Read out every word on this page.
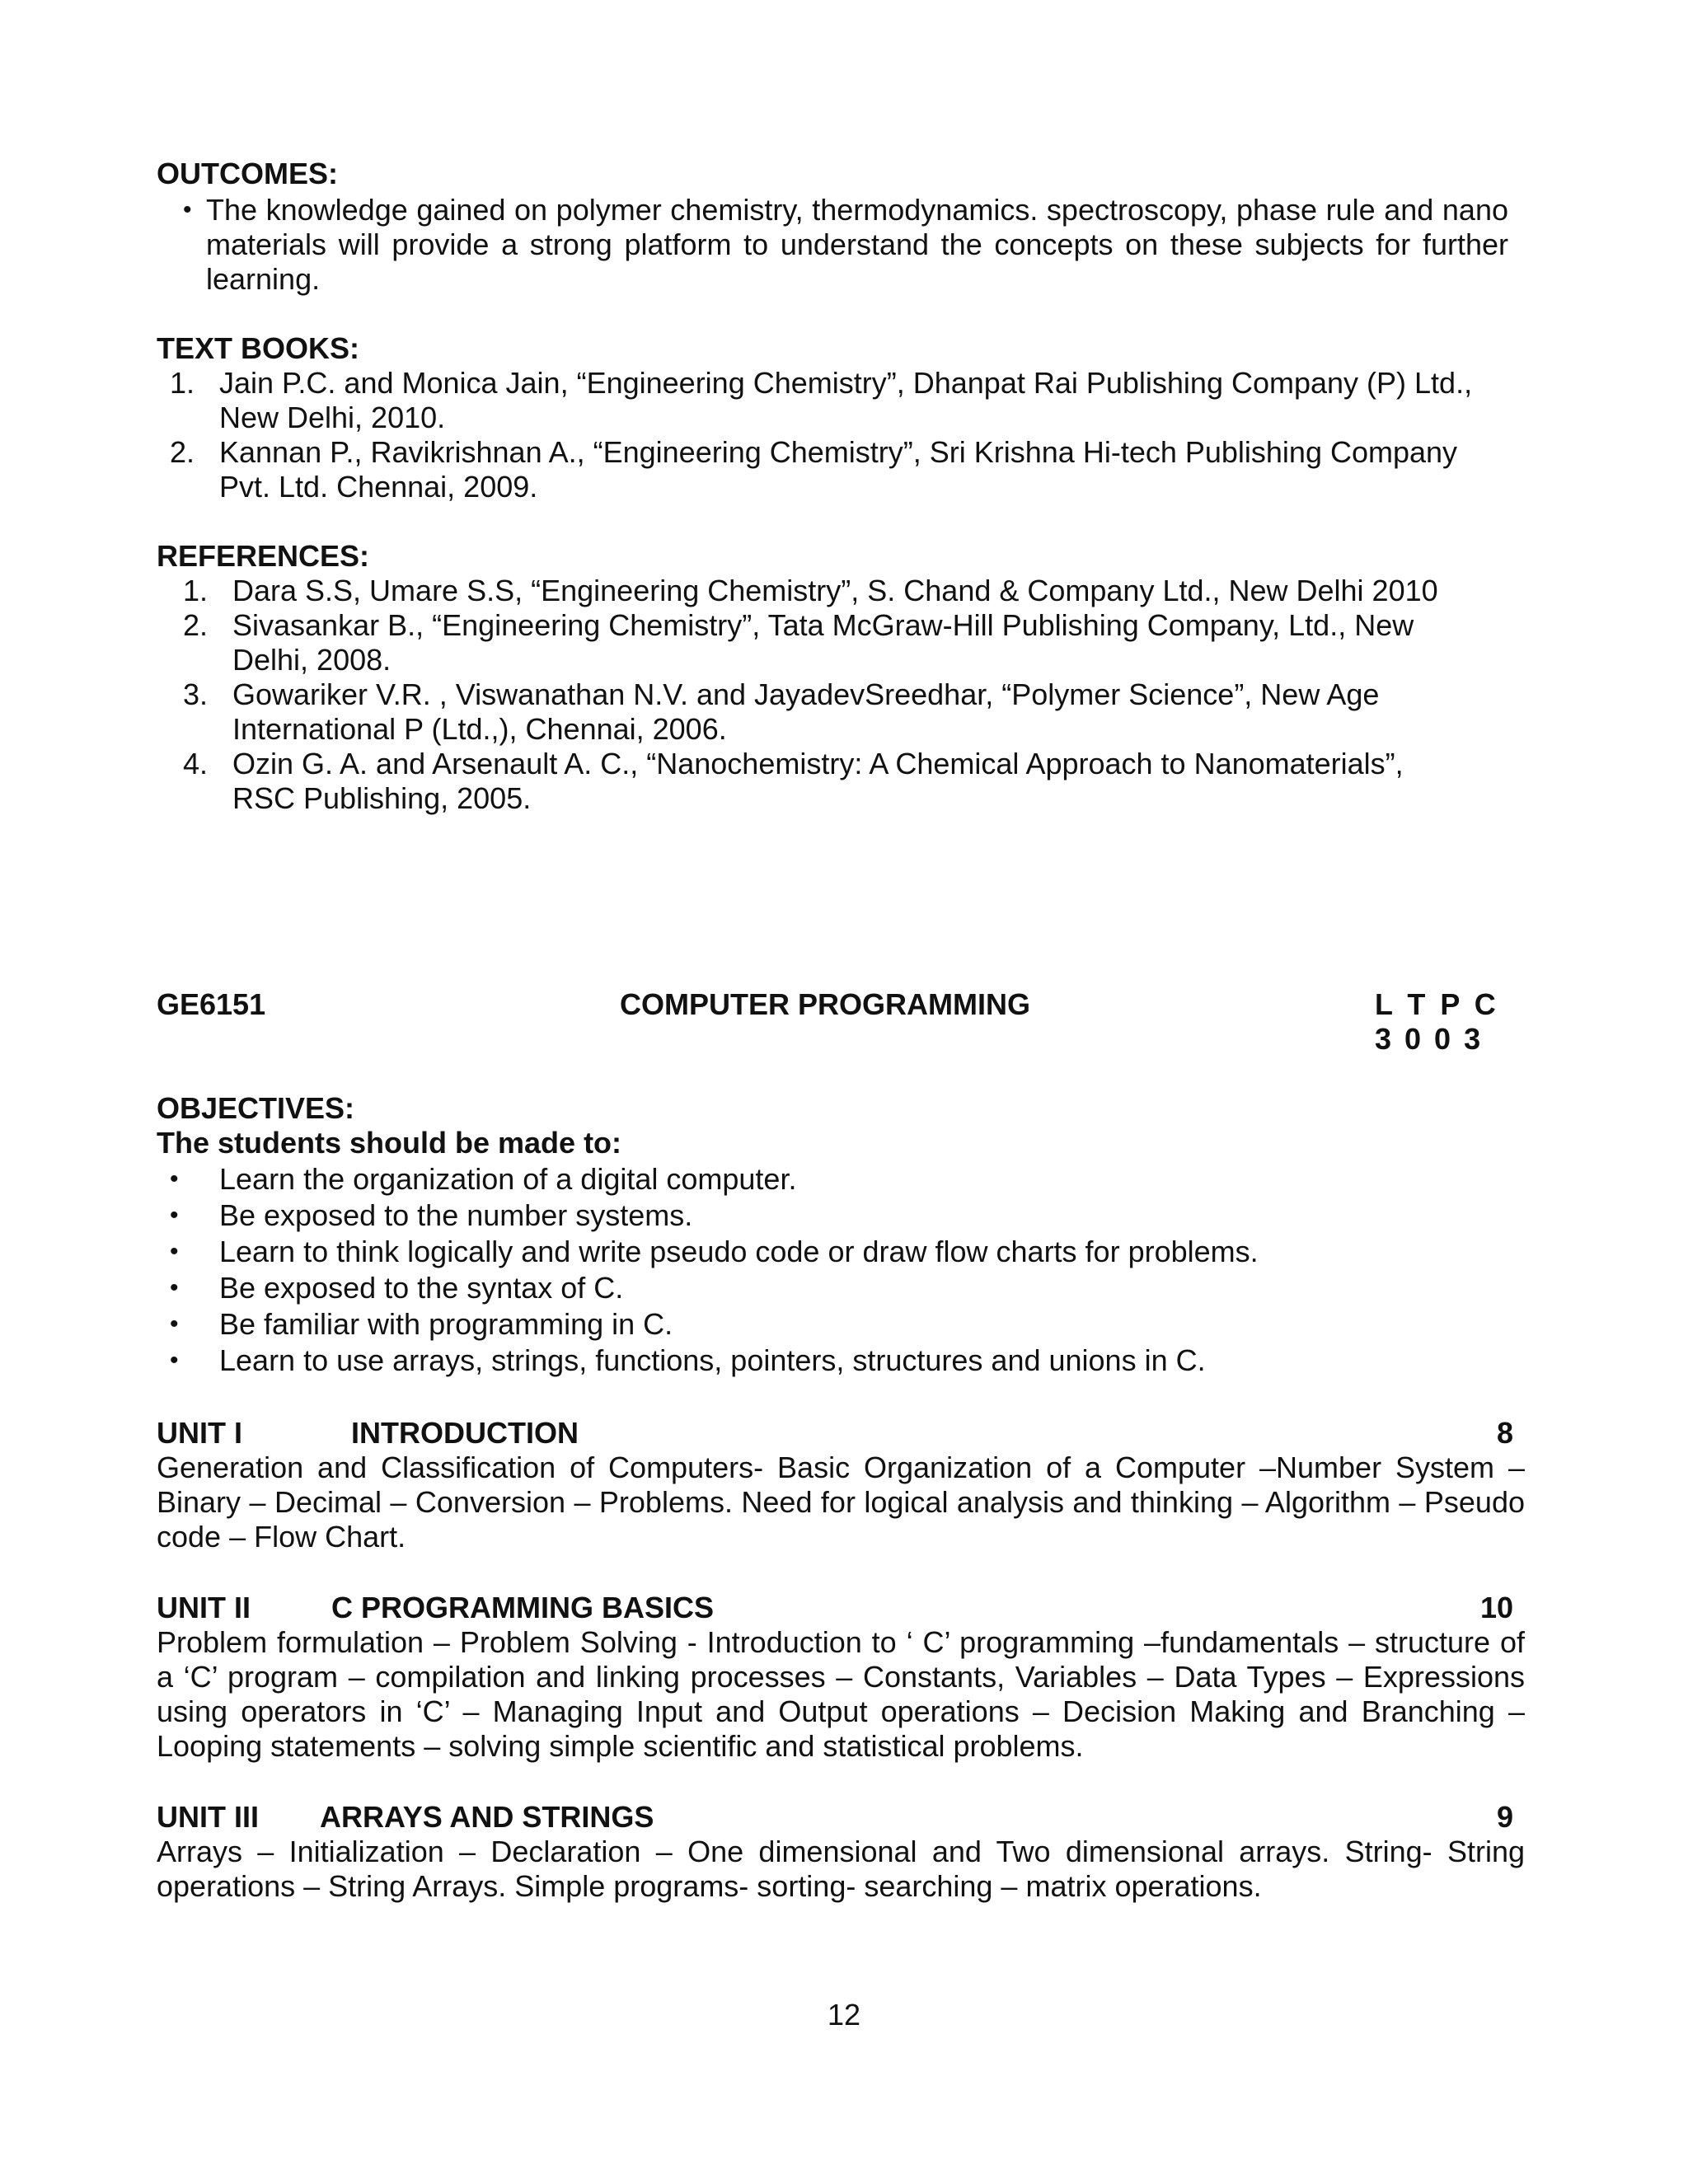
OUTCOMES:
• The knowledge gained on polymer chemistry, thermodynamics. spectroscopy, phase rule and nano materials will provide a strong platform to understand the concepts on these subjects for further learning.
TEXT BOOKS:
1. Jain P.C. and Monica Jain, “Engineering Chemistry”, Dhanpat Rai Publishing Company (P) Ltd., New Delhi, 2010.
2. Kannan P., Ravikrishnan A., “Engineering Chemistry”, Sri Krishna Hi-tech Publishing Company Pvt. Ltd. Chennai, 2009.
REFERENCES:
1. Dara S.S, Umare S.S, “Engineering Chemistry”, S. Chand & Company Ltd., New Delhi 2010
2. Sivasankar B., “Engineering Chemistry”, Tata McGraw-Hill Publishing Company, Ltd., New Delhi, 2008.
3. Gowariker V.R. , Viswanathan N.V. and JayadevSreedhar, “Polymer Science”, New Age International P (Ltd.,), Chennai, 2006.
4. Ozin G. A. and Arsenault A. C., “Nanochemistry: A Chemical Approach to Nanomaterials”, RSC Publishing, 2005.
GE6151	COMPUTER PROGRAMMING	L T P C
3 0 0 3
OBJECTIVES:
The students should be made to:
• Learn the organization of a digital computer.
• Be exposed to the number systems.
• Learn to think logically and write pseudo code or draw flow charts for problems.
• Be exposed to the syntax of C.
• Be familiar with programming in C.
• Learn to use arrays, strings, functions, pointers, structures and unions in C.
UNIT I	INTRODUCTION	8
Generation and Classification of Computers- Basic Organization of a Computer –Number System – Binary – Decimal – Conversion – Problems. Need for logical analysis and thinking – Algorithm – Pseudo code – Flow Chart.
UNIT II	C PROGRAMMING BASICS	10
Problem formulation – Problem Solving - Introduction to ‘ C’ programming –fundamentals – structure of a ‘C’ program – compilation and linking processes – Constants, Variables – Data Types – Expressions using operators in ‘C’ – Managing Input and Output operations – Decision Making and Branching – Looping statements – solving simple scientific and statistical problems.
UNIT III ARRAYS AND STRINGS	9
Arrays – Initialization – Declaration – One dimensional and Two dimensional arrays. String- String operations – String Arrays. Simple programs- sorting- searching – matrix operations.
12
